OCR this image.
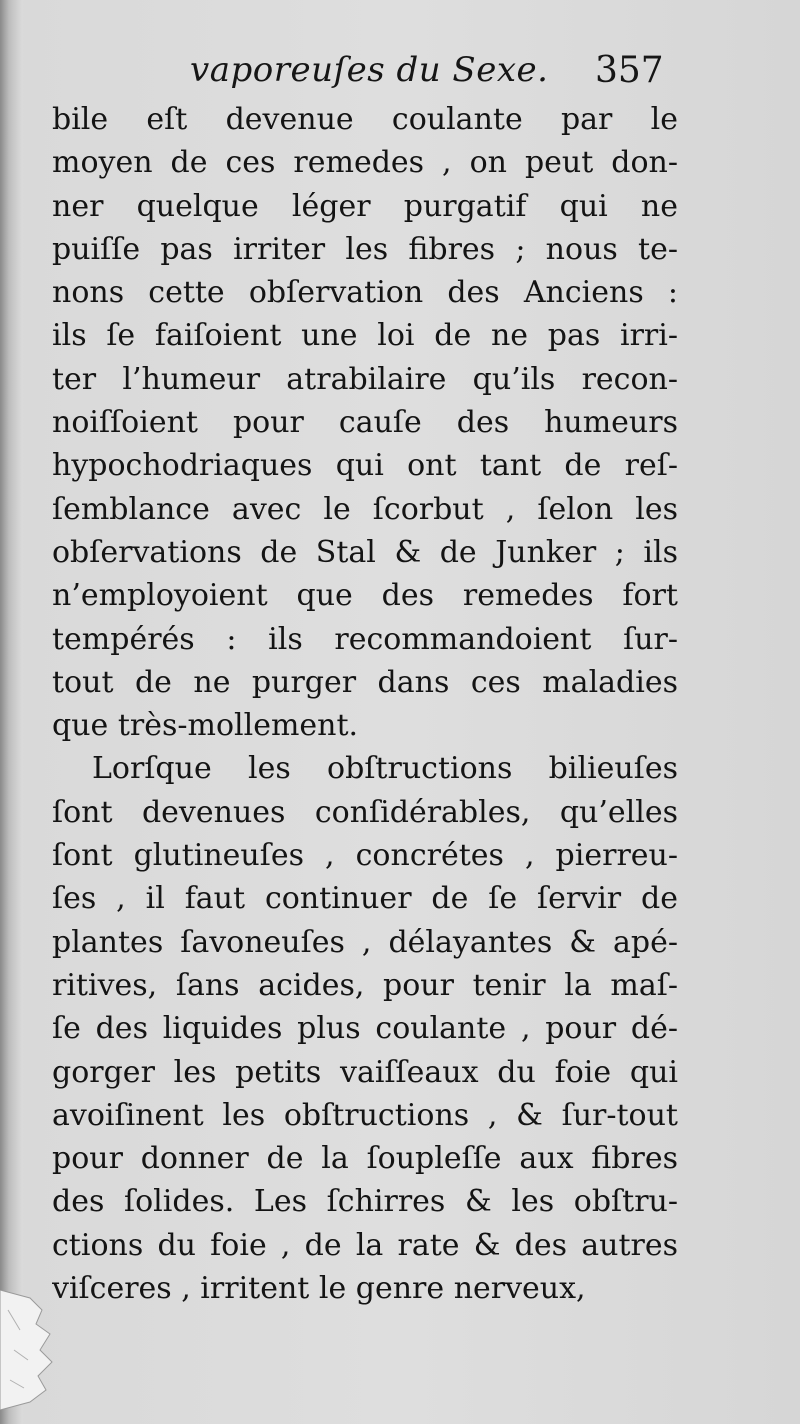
vaporeuſes du Sexe. 357
bile eſt devenue coulante par le
moyen de ces remedes , on peut don-
ner quelque léger purgatif qui ne
puiſſe pas irriter les fibres ; nous te-
nons cette obſervation des Anciens :
ils ſe faiſoient une loi de ne pas irri-
ter l’humeur atrabilaire qu’ils recon-
noiſſoient pour cauſe des humeurs
hypochodriaques qui ont tant de reſ-
ſemblance avec le ſcorbut , ſelon les
obſervations de Stal & de Junker ; ils
n’employoient que des remedes fort
tempérés : ils recommandoient ſur-
tout de ne purger dans ces maladies
que très-mollement.
Lorſque les obſtructions bilieuſes
ſont devenues conſidérables, qu’elles
ſont glutineuſes , concrétes , pierreu-
ſes , il faut continuer de ſe ſervir de
plantes ſavoneuſes , délayantes & apé-
ritives, ſans acides, pour tenir la maſ-
ſe des liquides plus coulante , pour dé-
gorger les petits vaiſſeaux du foie qui
avoiſinent les obſtructions , & ſur-tout
pour donner de la ſoupleſſe aux fibres
des ſolides. Les ſchirres & les obſtru-
ctions du foie , de la rate & des autres
viſceres , irritent le genre nerveux,
